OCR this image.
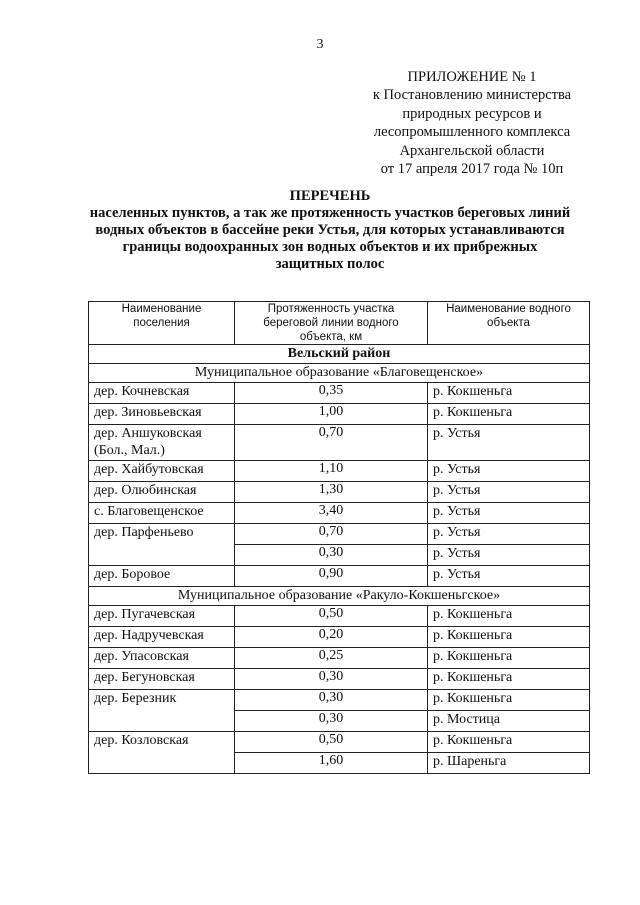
3
ПРИЛОЖЕНИЕ № 1
к Постановлению министерства
природных ресурсов и
лесопромышленного комплекса
Архангельской области
от 17 апреля 2017 года № 10п
ПЕРЕЧЕНЬ
населенных пунктов, а так же протяженность участков береговых линий
водных объектов в бассейне реки Устья, для которых устанавливаются
границы водоохранных зон водных объектов и их прибрежных
защитных полос
Наименование поселения	Протяженность участка береговой линии водного объекта, км	Наименование водного объекта
Вельский район		
Муниципальное образование «Благовещенское»		
дер. Кочневская	0,35	р. Кокшеньга
дер. Зиновьевская	1,00	р. Кокшеньга
дер. Аншуковская (Бол., Мал.)	0,70	р. Устья
дер. Хайбутовская	1,10	р. Устья
дер. Олюбинская	1,30	р. Устья
с. Благовещенское	3,40	р. Устья
дер. Парфеньево	0,70	р. Устья
	0,30	р. Устья
дер. Боровое	0,90	р. Устья
Муниципальное образование «Ракуло-Кокшеньгское»		
дер. Пугачевская	0,50	р. Кокшеньга
дер. Надручевская	0,20	р. Кокшеньга
дер. Упасовская	0,25	р. Кокшеньга
дер. Бегуновская	0,30	р. Кокшеньга
дер. Березник	0,30	р. Кокшеньга
	0,30	р. Мостица
дер. Козловская	0,50	р. Кокшеньга
	1,60	р. Шареньга
